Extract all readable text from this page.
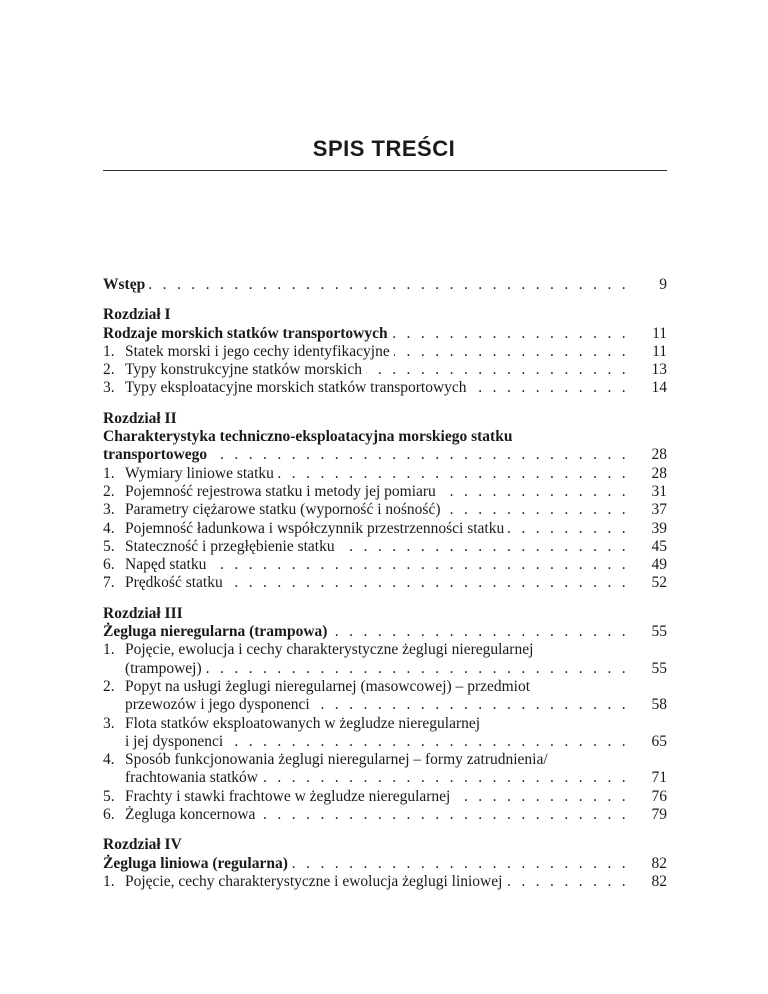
SPIS TREŚCI
. . .
Wstęp	9
Rozdział I
. . .
Rodzaje morskich statków transportowych	11
. . .
1. Statek morski i jego cechy identyfikacyjne	11
. . .
2. Typy konstrukcyjne statków morskich	13
. . .
3. Typy eksploatacyjne morskich statków transportowych	14
Rozdział II
Charakterystyka techniczno-eksploatacyjna morskiego statku
. . .
transportowego	28
. . .
1. Wymiary liniowe statku	28
. . .
2. Pojemność rejestrowa statku i metody jej pomiaru	31
. . .
3. Parametry ciężarowe statku (wyporność i nośność)	37
. . .
4. Pojemność ładunkowa i współczynnik przestrzenności statku	39
. . .
5. Stateczność i przegłębienie statku	45
. . .
6. Napęd statku	49
. . .
7. Prędkość statku	52
Rozdział III
. . .
Żegluga nieregularna (trampowa)	55
1. Pojęcie, ewolucja i cechy charakterystyczne żeglugi nieregularnej
. . .
(trampowej)	55
2. Popyt na usługi żeglugi nieregularnej (masowcowej) – przedmiot
. . .
przewozów i jego dysponenci	58
3. Flota statków eksploatowanych w żegludze nieregularnej
. . .
i jej dysponenci	65
4. Sposób funkcjonowania żeglugi nieregularnej – formy zatrudnienia/
. . .
frachtowania statków	71
. . .
5. Frachty i stawki frachtowe w żegludze nieregularnej	76
. . .
6. Żegluga koncernowa	79
Rozdział IV
. . .
Żegluga liniowa (regularna)	82
. . .
1. Pojęcie, cechy charakterystyczne i ewolucja żeglugi liniowej	82
